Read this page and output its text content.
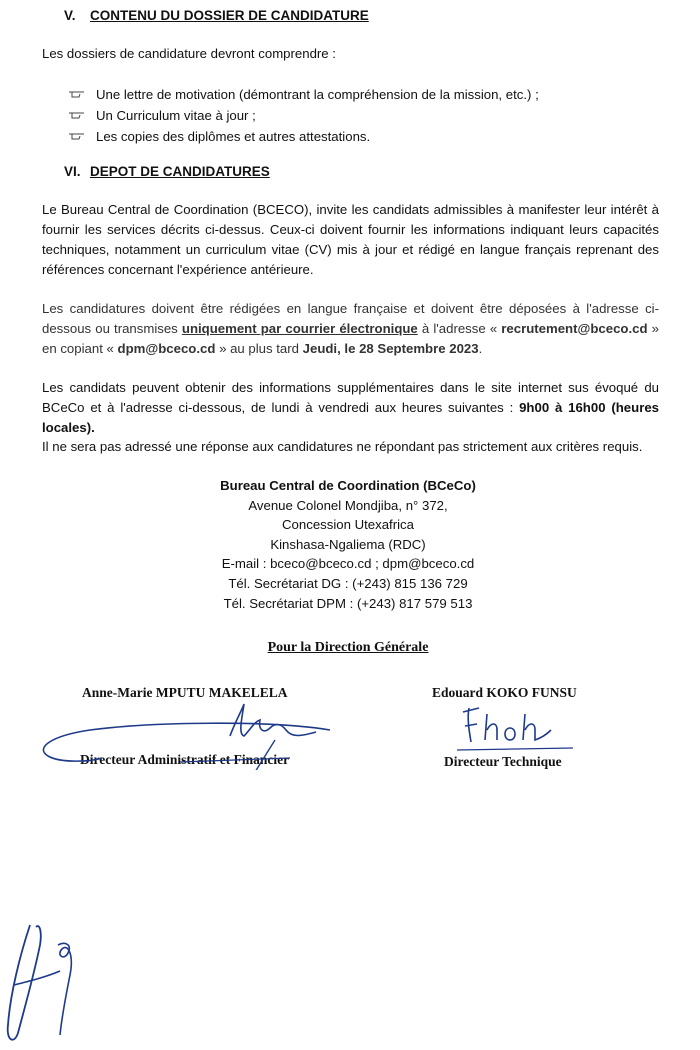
V. CONTENU DU DOSSIER DE CANDIDATURE
Les dossiers de candidature devront comprendre :
Une lettre de motivation (démontrant la compréhension de la mission, etc.) ;
Un Curriculum vitae à jour ;
Les copies des diplômes et autres attestations.
VI. DEPOT DE CANDIDATURES

Le Bureau Central de Coordination (BCECO), invite les candidats admissibles à manifester leur intérêt à fournir les services décrits ci-dessus. Ceux-ci doivent fournir les informations indiquant leurs capacités techniques, notamment un curriculum vitae (CV) mis à jour et rédigé en langue français reprenant des références concernant l'expérience antérieure.

Les candidatures doivent être rédigées en langue française et doivent être déposées à l'adresse ci-dessous ou transmises uniquement par courrier électronique à l'adresse « recrutement@bceco.cd » en copiant « dpm@bceco.cd » au plus tard Jeudi, le 28 Septembre 2023.

Les candidats peuvent obtenir des informations supplémentaires dans le site internet sus évoqué du BCeCo et à l'adresse ci-dessous, de lundi à vendredi aux heures suivantes : 9h00 à 16h00 (heures locales).

Il ne sera pas adressé une réponse aux candidatures ne répondant pas strictement aux critères requis.

Bureau Central de Coordination (BCeCo)
Avenue Colonel Mondjiba, n° 372,
Concession Utexafrica
Kinshasa-Ngaliema (RDC)
E-mail : bceco@bceco.cd ; dpm@bceco.cd
Tél. Secrétariat DG : (+243) 815 136 729
Tél. Secrétariat DPM : (+243) 817 579 513
Pour la Direction Générale
Anne-Marie MPUTU MAKELELA
Directeur Administratif et Financier
Edouard KOKO FUNSU
Directeur Technique
